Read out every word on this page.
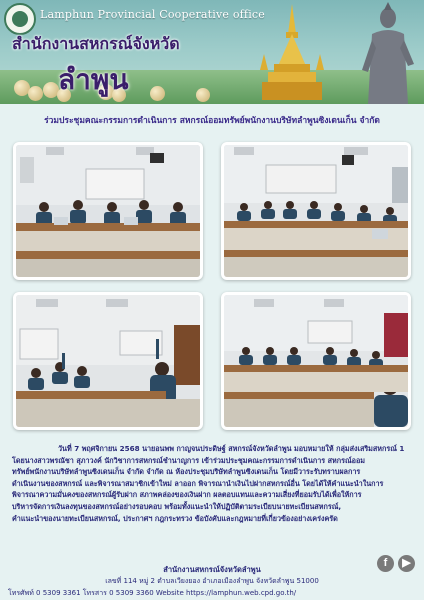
Lamphun Provincial Cooperative office
สำนักงานสหกรณ์จังหวัด
ลำพูน
ร่วมประชุมคณะกรรมการดำเนินการ สหกรณ์ออมทรัพย์พนักงานบริษัทลำพูนซิงเดนเก็น จำกัด
วันที่ 7 พฤศจิกายน 2568 นายอนพพ กาญจนประดิษฐ์ สหกรณ์จังหวัดลำพูน มอบหมายให้ กลุ่มส่งเสริมสหกรณ์ 1
โดยนางสาวพรณัชา สุภาวงค์ นักวิชาการสหกรณ์ชำนาญการ เข้าร่วมประชุมคณะกรรมการดำเนินการ สหกรณ์ออม
ทรัพย์พนักงานบริษัทลำพูนซิงเดนเก็น จำกัด จำกัด ณ ห้องประชุมบริษัทลำพูนซิงเดนเก็น โดยมีวาระรับทราบผลการ
ดำเนินงานของสหกรณ์ และพิจารณาสมาชิกเข้าใหม่ ลาออก พิจารณานำเงินไปฝากสหกรณ์อื่น โดยได้ให้คำแนะนำในการ
พิจารณาความมั่นคงของสหกรณ์ผู้รับฝาก สภาพคล่องของเงินฝาก ผลตอบแทนและความเสี่ยงที่ยอมรับได้เพื่อให้การ
บริหารจัดการเงินลงทุนของสหกรณ์อย่างรอบคอบ พร้อมทั้งแนะนำให้ปฏิบัติตามระเบียบนายทะเบียนสหกรณ์,
คำแนะนำของนายทะเบียนสหกรณ์, ประกาศฯ กฎกระทรวง ข้อบังคับและกฎหมายที่เกี่ยวข้องอย่างเคร่งครัด
f	▶
สำนักงานสหกรณ์จังหวัดลำพูน
เลขที่ 114 หมู่ 2 ตำบลเวียงยอง อำเภอเมืองลำพูน จังหวัดลำพูน 51000
โทรศัพท์ 0 5309 3361 โทรสาร 0 5309 3360 Website https://lamphun.web.cpd.go.th/
